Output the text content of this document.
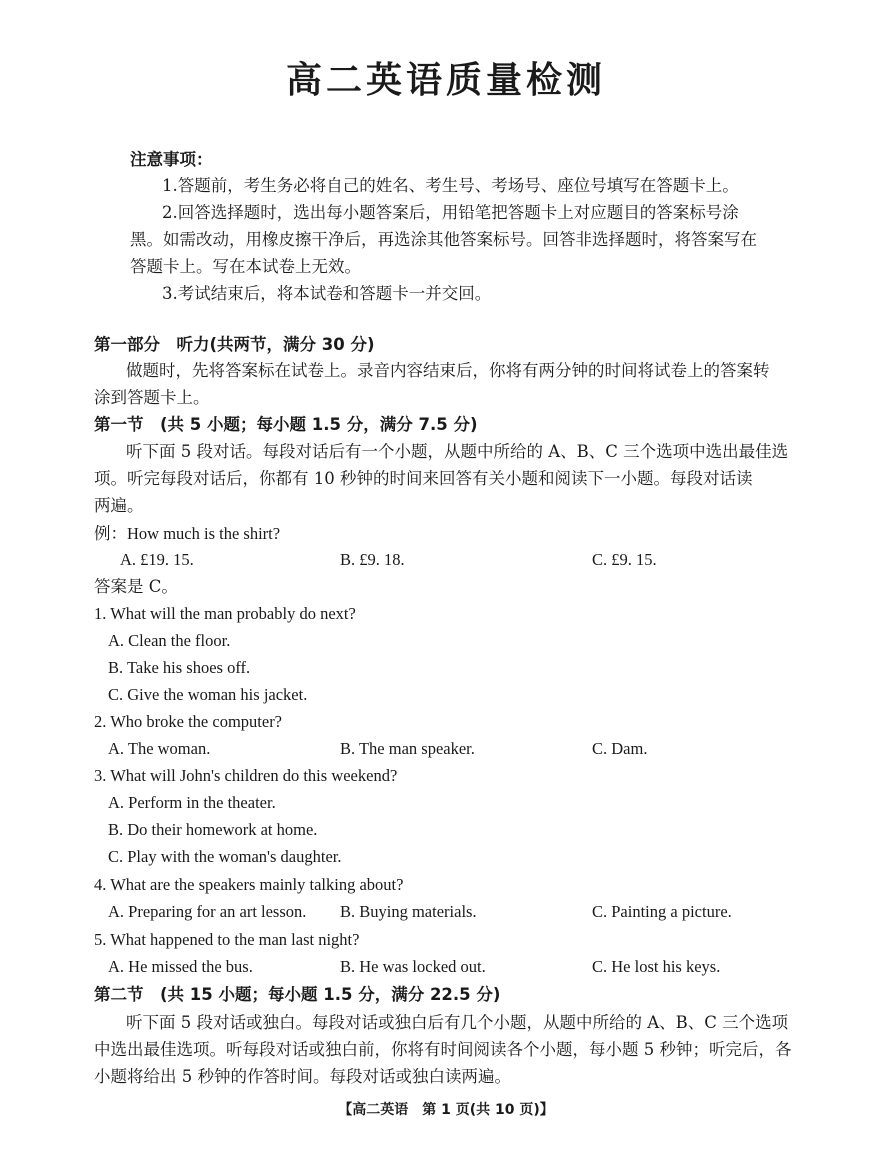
高二英语质量检测
注意事项：
1.答题前，考生务必将自己的姓名、考生号、考场号、座位号填写在答题卡上。
2.回答选择题时，选出每小题答案后，用铅笔把答题卡上对应题目的答案标号涂
黑。如需改动，用橡皮擦干净后，再选涂其他答案标号。回答非选择题时，将答案写在
答题卡上。写在本试卷上无效。
3.考试结束后，将本试卷和答题卡一并交回。
第一部分　听力(共两节，满分 30 分)
做题时，先将答案标在试卷上。录音内容结束后，你将有两分钟的时间将试卷上的答案转
涂到答题卡上。
第一节　(共 5 小题；每小题 1.5 分，满分 7.5 分)
听下面 5 段对话。每段对话后有一个小题，从题中所给的 A、B、C 三个选项中选出最佳选
项。听完每段对话后，你都有 10 秒钟的时间来回答有关小题和阅读下一小题。每段对话读
两遍。
例：How much is the shirt?
A. £19. 15.	B. £9. 18.	C. £9. 15.
答案是 C。
1. What will the man probably do next?
A. Clean the floor.
B. Take his shoes off.
C. Give the woman his jacket.
2. Who broke the computer?
A. The woman.	B. The man speaker.	C. Dam.
3. What will John's children do this weekend?
A. Perform in the theater.
B. Do their homework at home.
C. Play with the woman's daughter.
4. What are the speakers mainly talking about?
A. Preparing for an art lesson. B. Buying materials.	C. Painting a picture.
5. What happened to the man last night?
A. He missed the bus.	B. He was locked out.	C. He lost his keys.
第二节　(共 15 小题；每小题 1.5 分，满分 22.5 分)
听下面 5 段对话或独白。每段对话或独白后有几个小题，从题中所给的 A、B、C 三个选项
中选出最佳选项。听每段对话或独白前，你将有时间阅读各个小题，每小题 5 秒钟；听完后，各
小题将给出 5 秒钟的作答时间。每段对话或独白读两遍。
【高二英语　第 1 页(共 10 页)】
